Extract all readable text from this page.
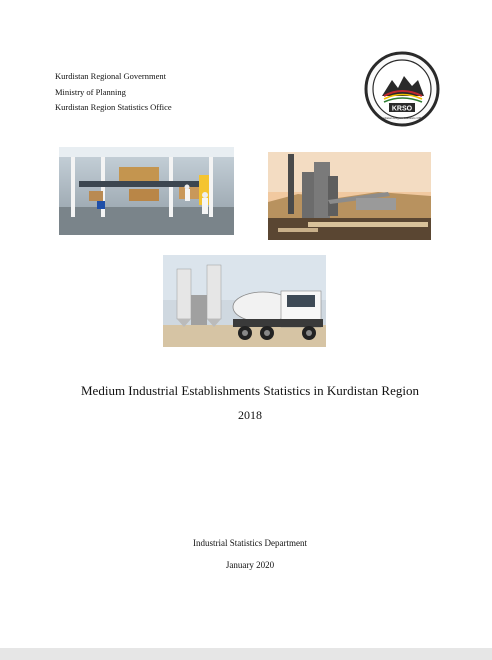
Kurdistan Regional Government
Ministry of Planning
Kurdistan Region Statistics Office	KRSO
Kurdistan Region Statistics Office
Medium Industrial Establishments Statistics in Kurdistan Region
2018
Industrial Statistics Department
January 2020
